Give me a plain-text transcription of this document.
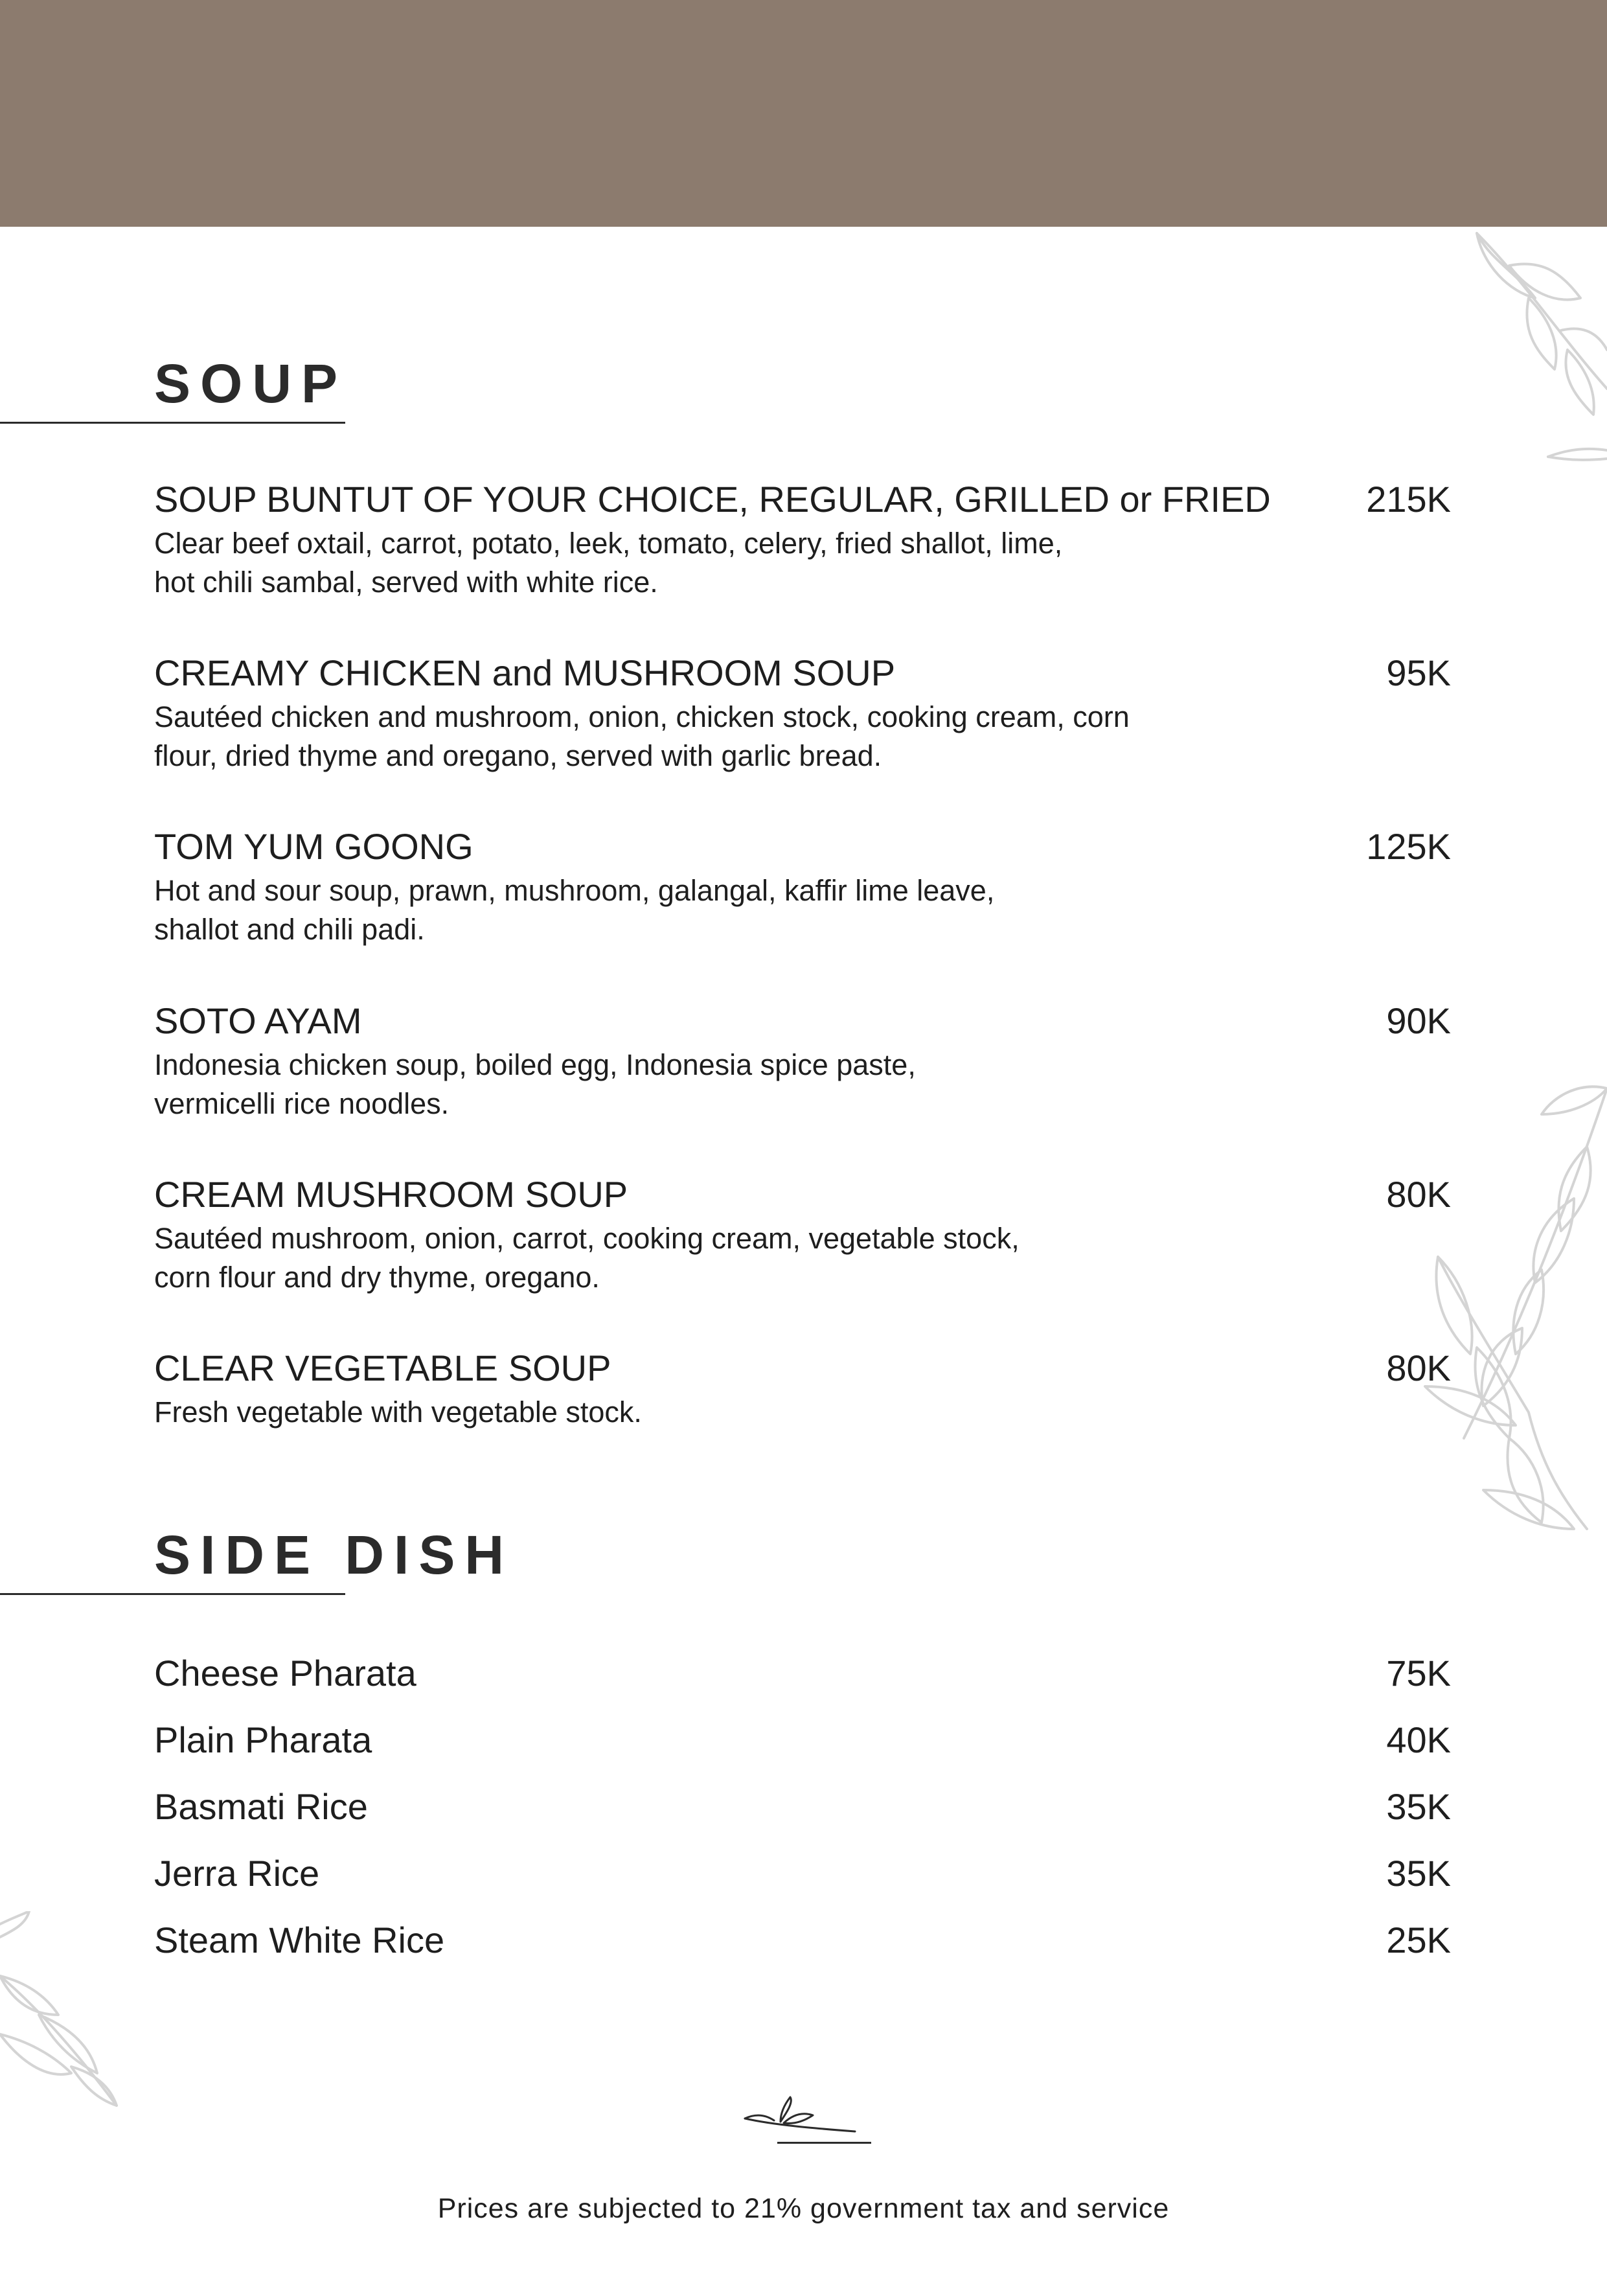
SOUP
SOUP BUNTUT OF YOUR CHOICE, REGULAR, GRILLED or FRIED	215K
Clear beef oxtail, carrot, potato, leek, tomato, celery, fried shallot, lime,
hot chili sambal, served with white rice.
CREAMY CHICKEN and MUSHROOM SOUP	95K
Sautéed chicken and mushroom, onion, chicken stock, cooking cream, corn
flour, dried thyme and oregano, served with garlic bread.
TOM YUM GOONG	125K
Hot and sour soup, prawn, mushroom, galangal, kaffir lime leave,
shallot and chili padi.
SOTO AYAM	90K
Indonesia chicken soup, boiled egg, Indonesia spice paste,
vermicelli rice noodles.
CREAM MUSHROOM SOUP	80K
Sautéed mushroom, onion, carrot, cooking cream, vegetable stock,
corn flour and dry thyme, oregano.
CLEAR VEGETABLE SOUP	80K
Fresh vegetable with vegetable stock.
SIDE DISH
Cheese Pharata	75K
Plain Pharata	40K
Basmati Rice	35K
Jerra Rice	35K
Steam White Rice	25K
Prices are subjected to 21% government tax and service
